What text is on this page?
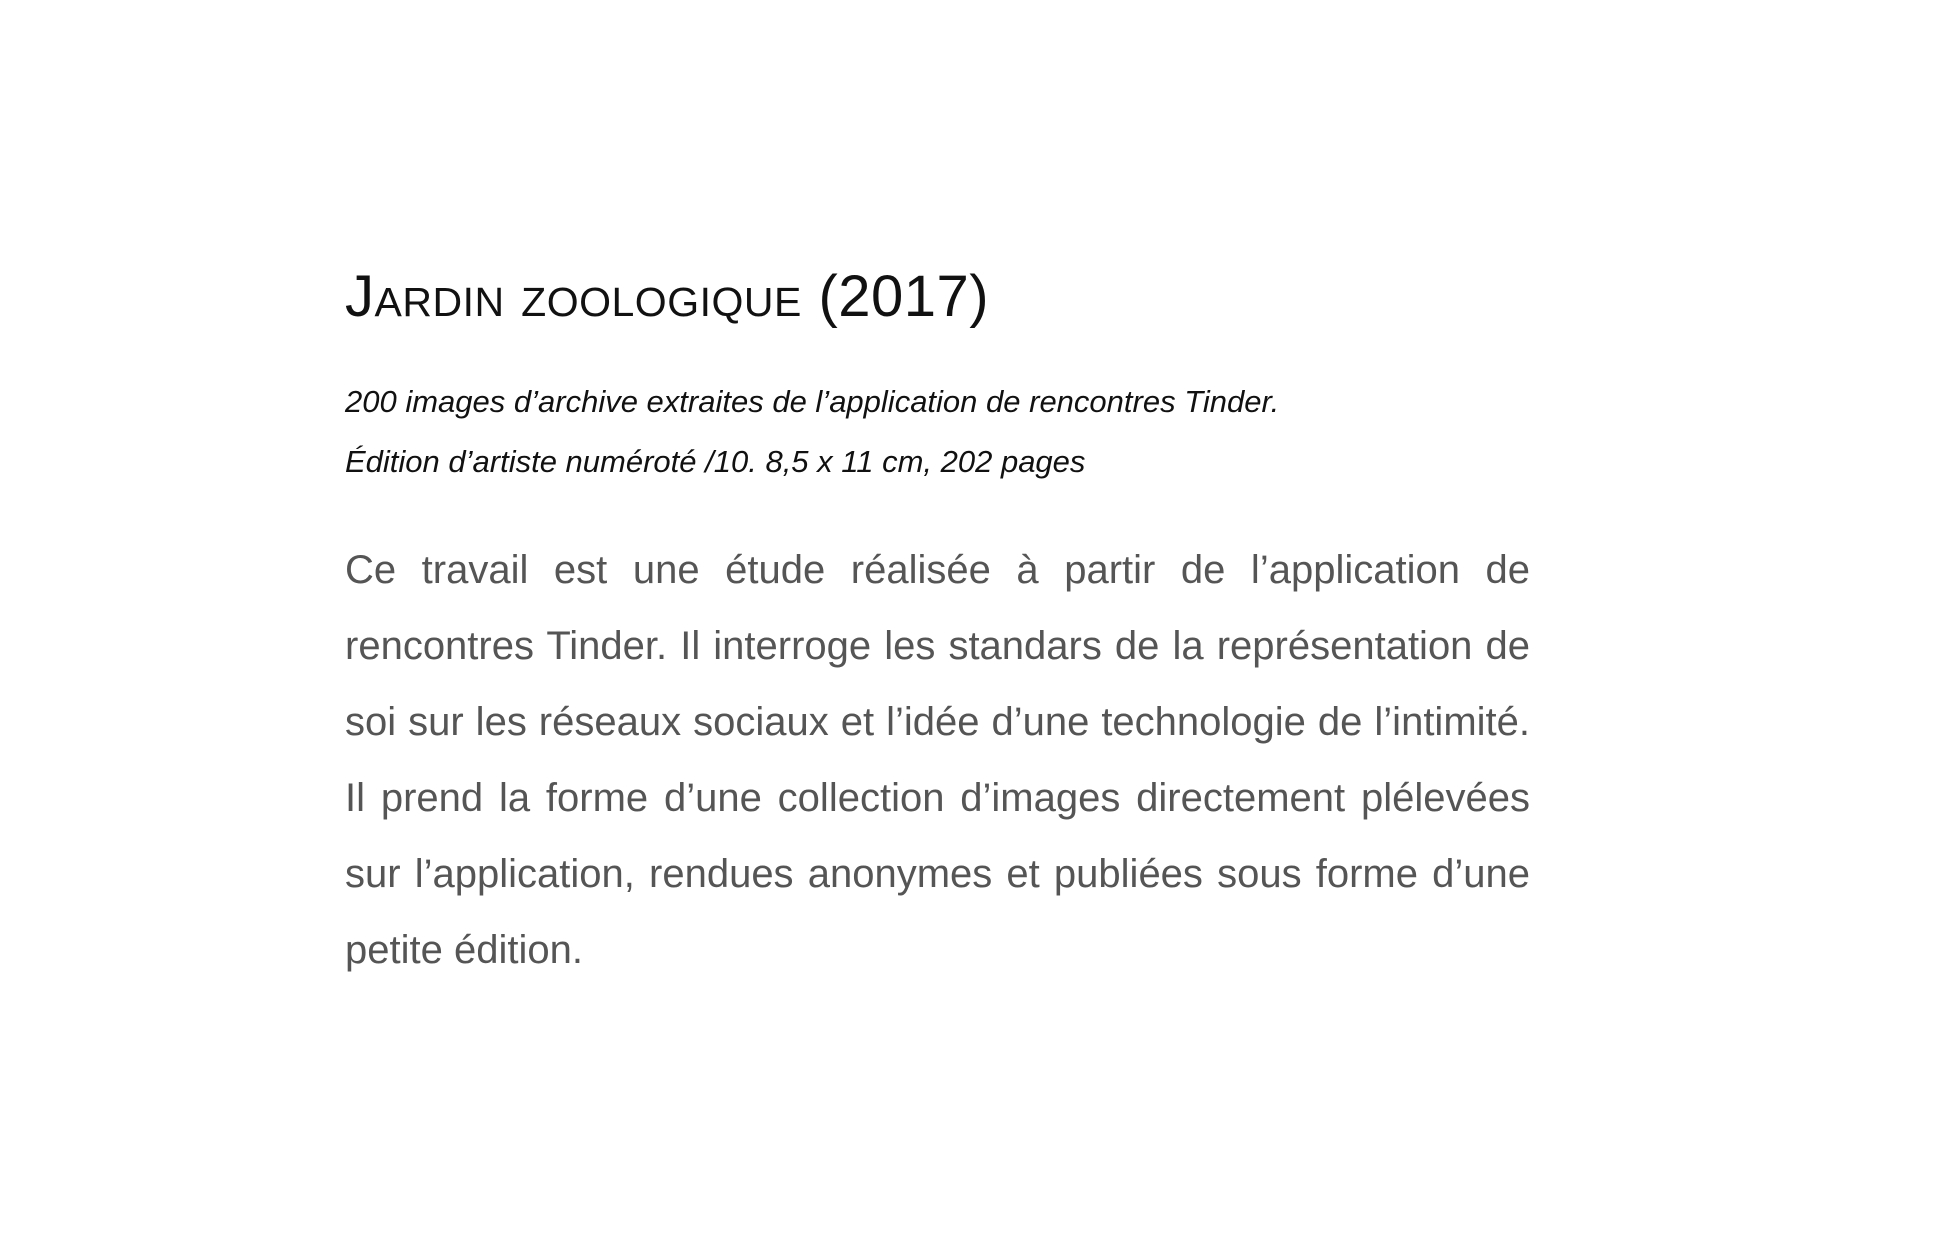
Jardin zoologique (2017)
200 images d’archive extraites de l’application de rencontres Tinder.
Édition d’artiste numéroté /10. 8,5 x 11 cm, 202 pages

Ce travail est une étude réalisée à partir de l’application de rencontres Tinder. Il interroge les standars de la représentation de soi sur les réseaux sociaux et l’idée d’une technologie de l’intimité. Il prend la forme d’une collection d’images directement plélevées sur l’application, rendues anonymes et publiées sous forme d’une petite édition.
